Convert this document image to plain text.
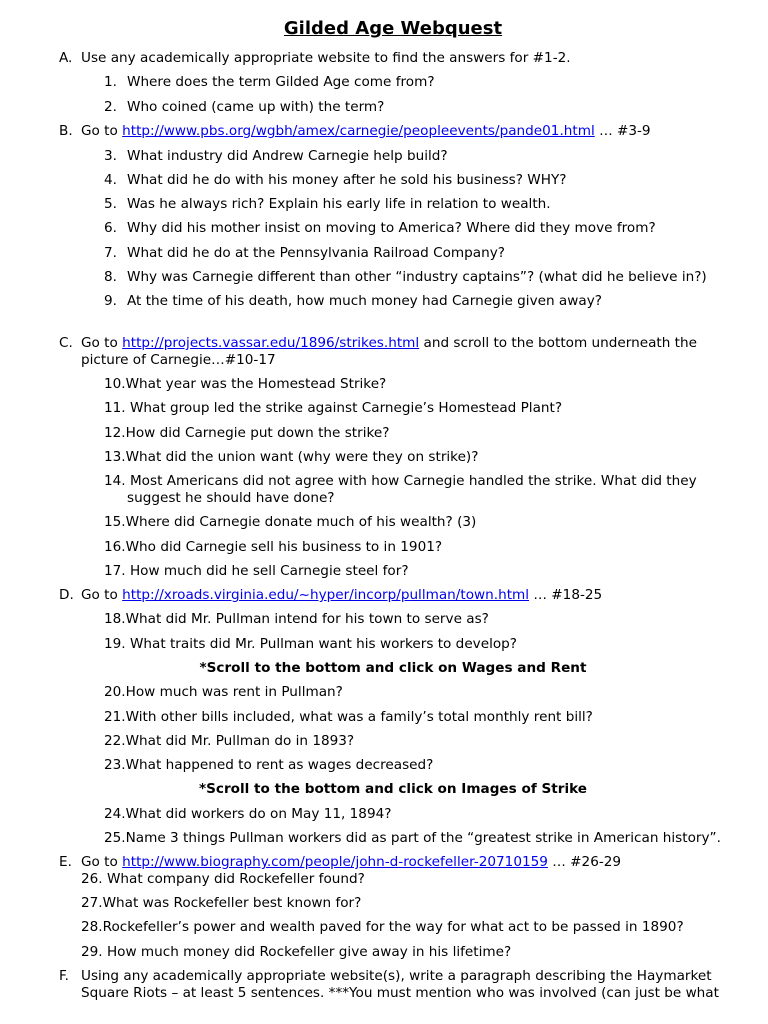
Gilded Age Webquest
A. Use any academically appropriate website to find the answers for #1-2.
1. Where does the term Gilded Age come from?
2. Who coined (came up with) the term?
B. Go to http://www.pbs.org/wgbh/amex/carnegie/peopleevents/pande01.html … #3-9
3. What industry did Andrew Carnegie help build?
4. What did he do with his money after he sold his business? WHY?
5. Was he always rich? Explain his early life in relation to wealth.
6. Why did his mother insist on moving to America? Where did they move from?
7. What did he do at the Pennsylvania Railroad Company?
8. Why was Carnegie different than other “industry captains”? (what did he believe in?)
9. At the time of his death, how much money had Carnegie given away?
C. Go to http://projects.vassar.edu/1896/strikes.html and scroll to the bottom underneath the
picture of Carnegie…#10-17
10.What year was the Homestead Strike?
11. What group led the strike against Carnegie’s Homestead Plant?
12.How did Carnegie put down the strike?
13.What did the union want (why were they on strike)?
14. Most Americans did not agree with how Carnegie handled the strike. What did they
suggest he should have done?
15.Where did Carnegie donate much of his wealth? (3)
16.Who did Carnegie sell his business to in 1901?
17. How much did he sell Carnegie steel for?
D. Go to http://xroads.virginia.edu/~hyper/incorp/pullman/town.html … #18-25
18.What did Mr. Pullman intend for his town to serve as?
19. What traits did Mr. Pullman want his workers to develop?
*Scroll to the bottom and click on Wages and Rent
20.How much was rent in Pullman?
21.With other bills included, what was a family’s total monthly rent bill?
22.What did Mr. Pullman do in 1893?
23.What happened to rent as wages decreased?
*Scroll to the bottom and click on Images of Strike
24.What did workers do on May 11, 1894?
25.Name 3 things Pullman workers did as part of the “greatest strike in American history”.
E. Go to http://www.biography.com/people/john-d-rockefeller-20710159 … #26-29
26. What company did Rockefeller found?
27.What was Rockefeller best known for?
28.Rockefeller’s power and wealth paved for the way for what act to be passed in 1890?
29. How much money did Rockefeller give away in his lifetime?
F. Using any academically appropriate website(s), write a paragraph describing the Haymarket
Square Riots – at least 5 sentences. ***You must mention who was involved (can just be what
